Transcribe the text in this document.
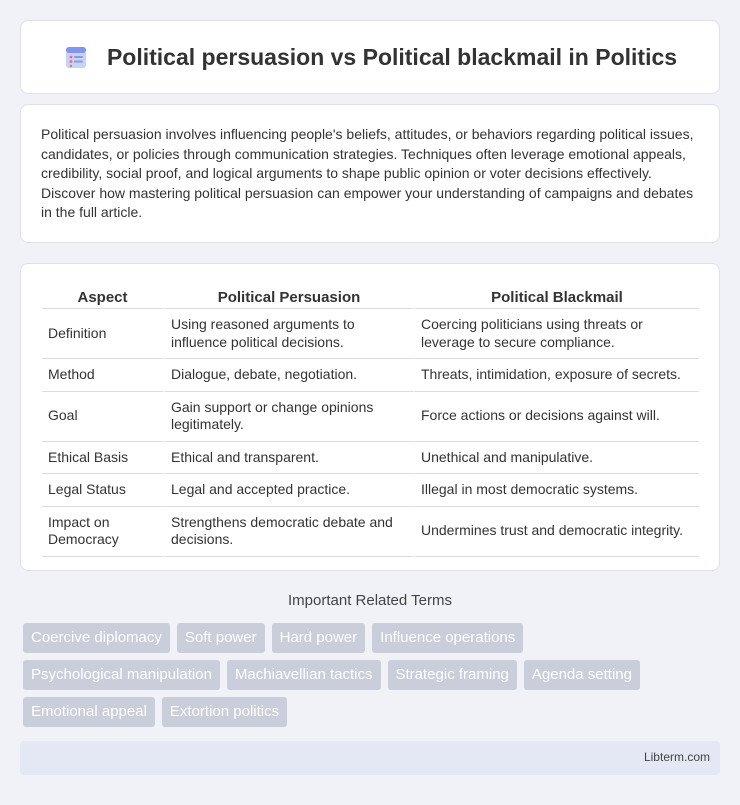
Political persuasion vs Political blackmail in Politics

Political persuasion involves influencing people's beliefs, attitudes, or behaviors regarding political issues, candidates, or policies through communication strategies. Techniques often leverage emotional appeals, credibility, social proof, and logical arguments to shape public opinion or voter decisions effectively. Discover how mastering political persuasion can empower your understanding of campaigns and debates in the full article.

Aspect	Political Persuasion	Political Blackmail
Definition	Using reasoned arguments to influence political decisions.	Coercing politicians using threats or leverage to secure compliance.
Method	Dialogue, debate, negotiation.	Threats, intimidation, exposure of secrets.
Goal	Gain support or change opinions legitimately.	Force actions or decisions against will.
Ethical Basis	Ethical and transparent.	Unethical and manipulative.
Legal Status	Legal and accepted practice.	Illegal in most democratic systems.
Impact on Democracy	Strengthens democratic debate and decisions.	Undermines trust and democratic integrity.
Important Related Terms
Coercive diplomacy	Soft power	Hard power	Influence operations
Psychological manipulation	Machiavellian tactics	Strategic framing	Agenda setting
Emotional appeal	Extortion politics
Libterm.com
